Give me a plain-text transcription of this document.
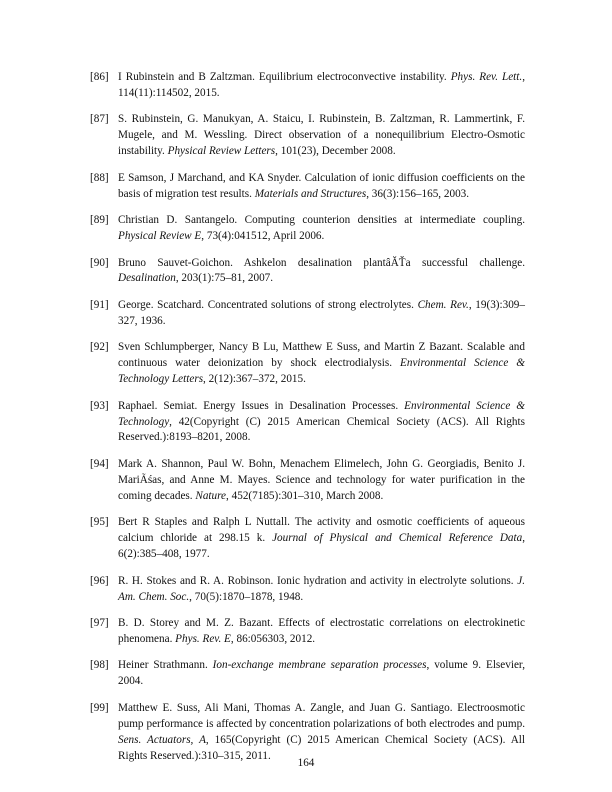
[86] I Rubinstein and B Zaltzman. Equilibrium electroconvective instability. Phys. Rev. Lett., 114(11):114502, 2015.
[87] S. Rubinstein, G. Manukyan, A. Staicu, I. Rubinstein, B. Zaltzman, R. Lammertink, F. Mugele, and M. Wessling. Direct observation of a nonequilibrium Electro-Osmotic instability. Physical Review Letters, 101(23), December 2008.
[88] E Samson, J Marchand, and KA Snyder. Calculation of ionic diffusion coefficients on the basis of migration test results. Materials and Structures, 36(3):156–165, 2003.
[89] Christian D. Santangelo. Computing counterion densities at intermediate coupling. Physical Review E, 73(4):041512, April 2006.
[90] Bruno Sauvet-Goichon. Ashkelon desalination plantâĂŤa successful challenge. Desalination, 203(1):75–81, 2007.
[91] George. Scatchard. Concentrated solutions of strong electrolytes. Chem. Rev., 19(3):309–327, 1936.
[92] Sven Schlumpberger, Nancy B Lu, Matthew E Suss, and Martin Z Bazant. Scalable and continuous water deionization by shock electrodialysis. Environmental Science & Technology Letters, 2(12):367–372, 2015.
[93] Raphael. Semiat. Energy Issues in Desalination Processes. Environmental Science & Technology, 42(Copyright (C) 2015 American Chemical Society (ACS). All Rights Reserved.):8193–8201, 2008.
[94] Mark A. Shannon, Paul W. Bohn, Menachem Elimelech, John G. Georgiadis, Benito J. MariÃśas, and Anne M. Mayes. Science and technology for water purification in the coming decades. Nature, 452(7185):301–310, March 2008.
[95] Bert R Staples and Ralph L Nuttall. The activity and osmotic coefficients of aqueous calcium chloride at 298.15 k. Journal of Physical and Chemical Reference Data, 6(2):385–408, 1977.
[96] R. H. Stokes and R. A. Robinson. Ionic hydration and activity in electrolyte solutions. J. Am. Chem. Soc., 70(5):1870–1878, 1948.
[97] B. D. Storey and M. Z. Bazant. Effects of electrostatic correlations on electrokinetic phenomena. Phys. Rev. E, 86:056303, 2012.
[98] Heiner Strathmann. Ion-exchange membrane separation processes, volume 9. Elsevier, 2004.
[99] Matthew E. Suss, Ali Mani, Thomas A. Zangle, and Juan G. Santiago. Electroosmotic pump performance is affected by concentration polarizations of both electrodes and pump. Sens. Actuators, A, 165(Copyright (C) 2015 American Chemical Society (ACS). All Rights Reserved.):310–315, 2011.
164
